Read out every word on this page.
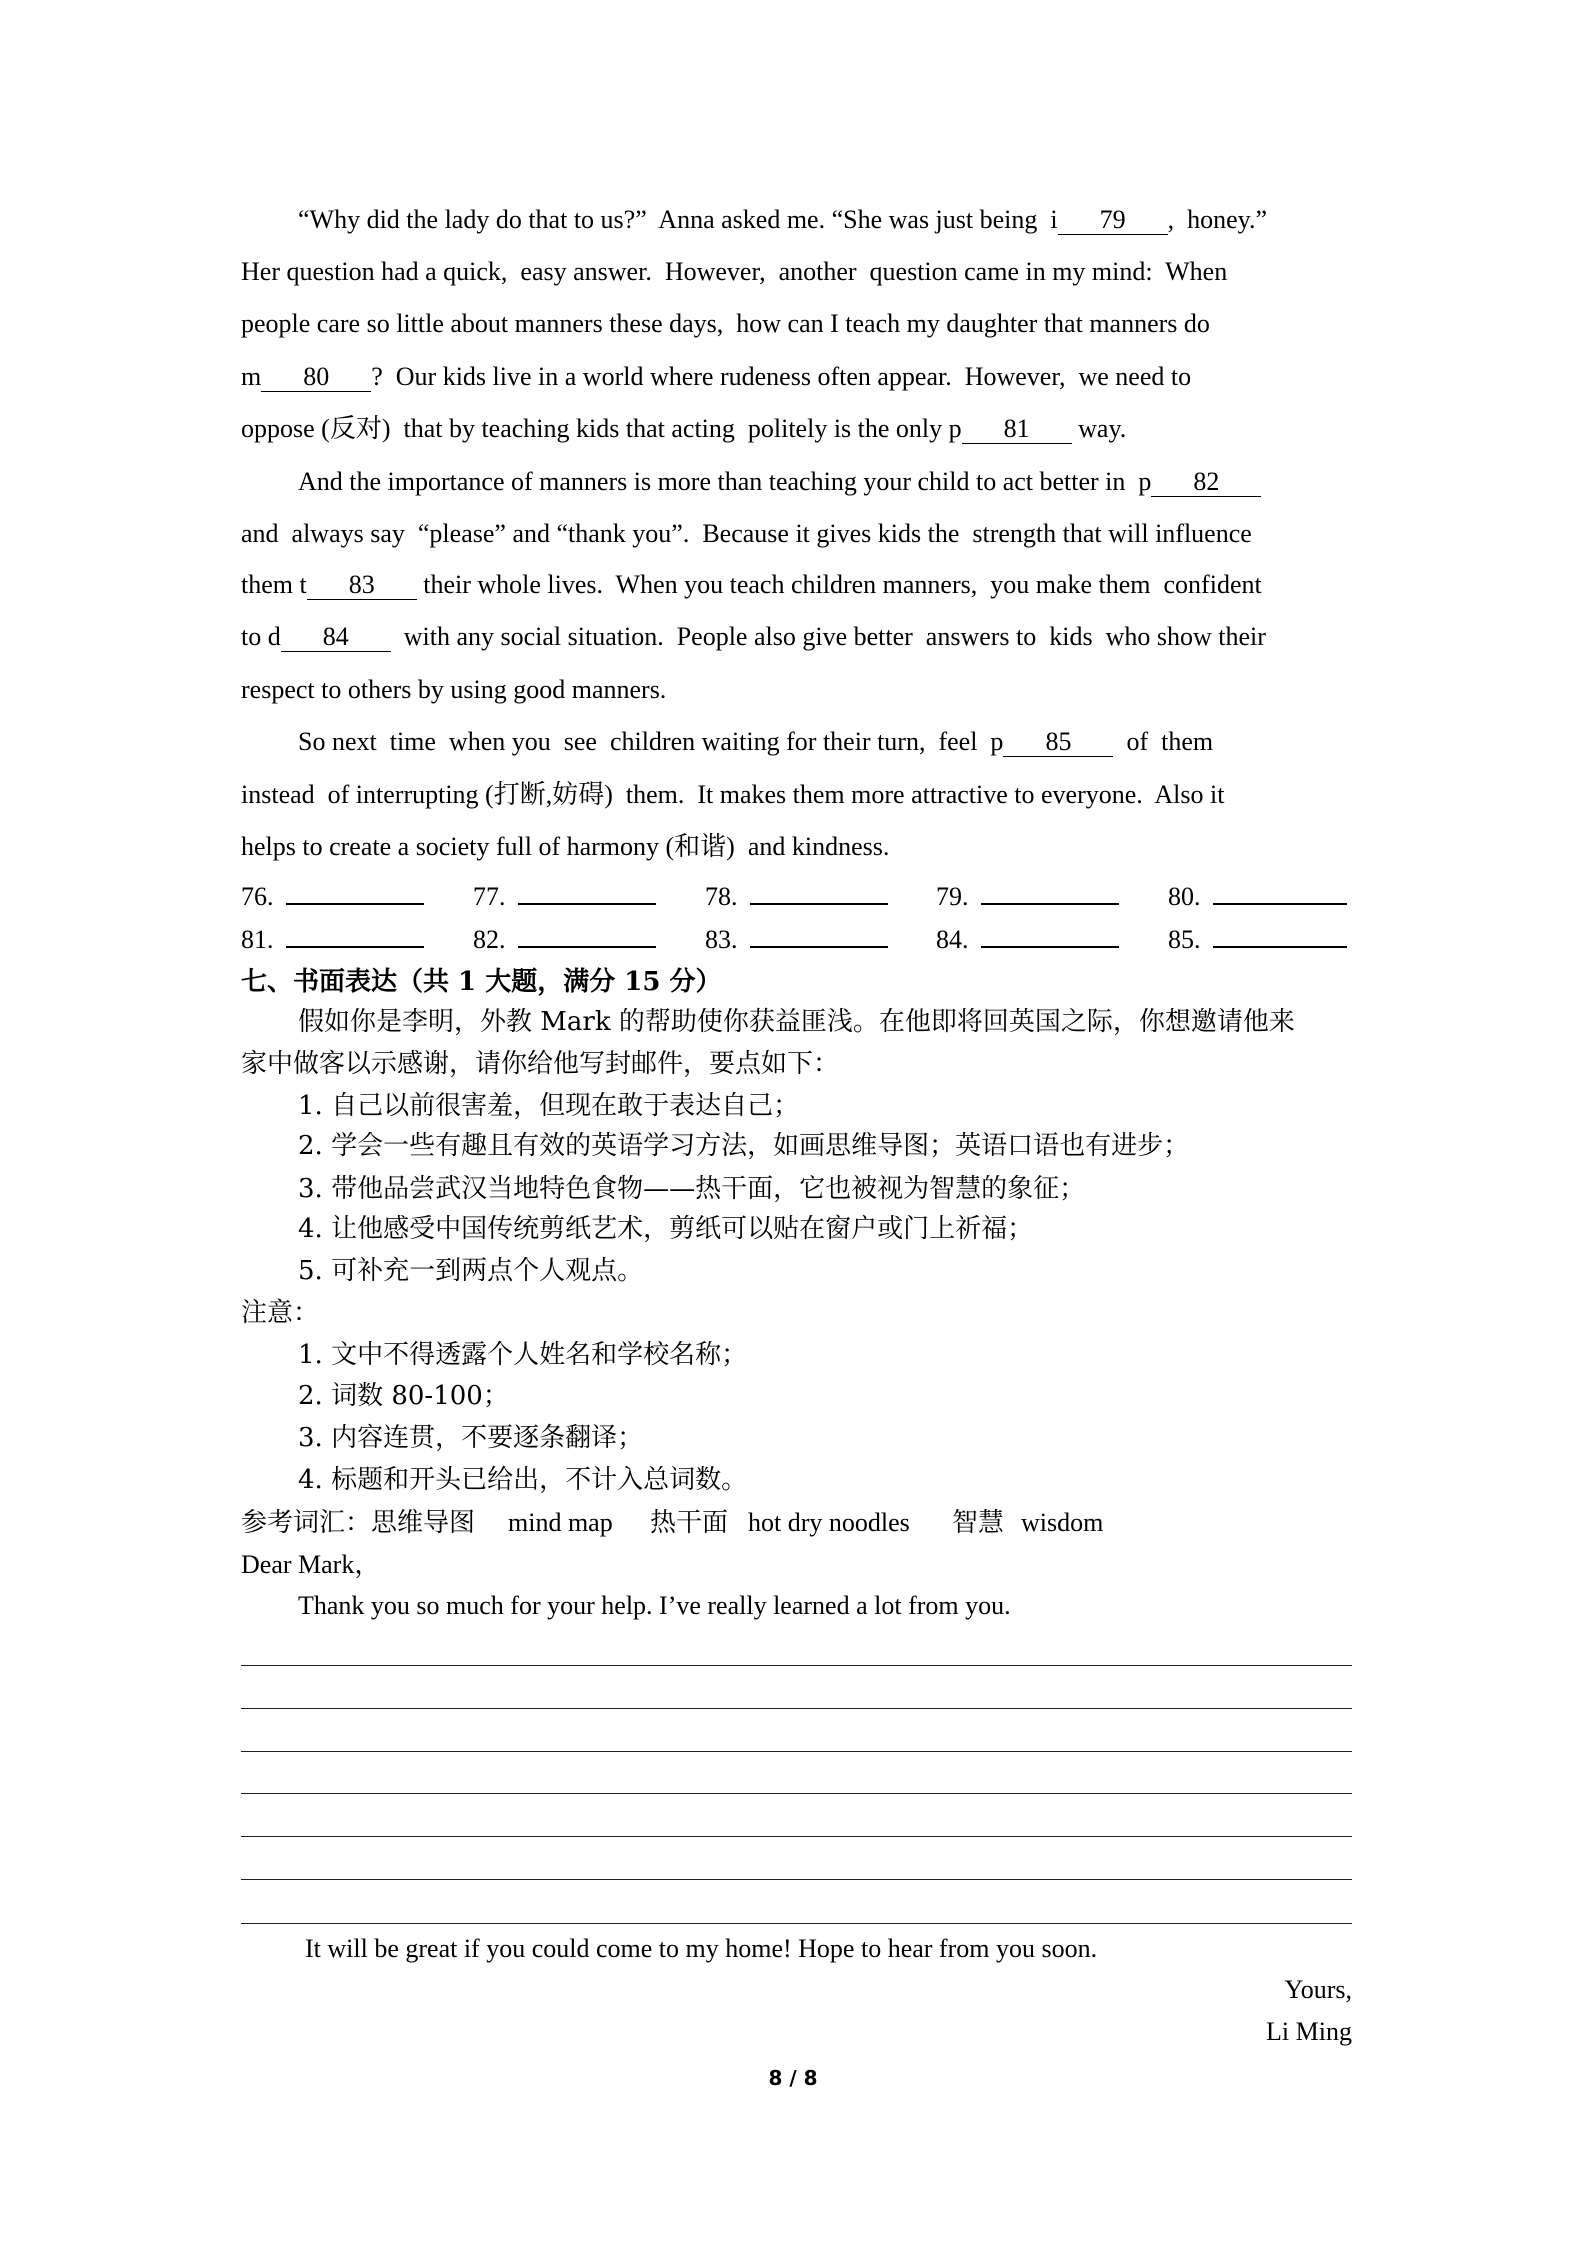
“Why did the lady do that to us?”  Anna asked me. “She was just being  i 79 ,  honey.”
Her question had a quick,  easy answer.  However,  another  question came in my mind:  When
people care so little about manners these days,  how can I teach my daughter that manners do
m 80 ?  Our kids live in a world where rudeness often appear.  However,  we need to
oppose (反对)  that by teaching kids that acting  politely is the only p 81 way.
And the importance of manners is more than teaching your child to act better in  p 82
and  always say  “please” and “thank you”.  Because it gives kids the  strength that will influence
them t 83 their whole lives.  When you teach children manners,  you make them  confident
to d 84  with any social situation.  People also give better  answers to  kids  who show their
respect to others by using good manners.
So next  time  when you  see  children waiting for their turn,  feel  p 85  of  them
instead  of interrupting (打断,妨碍)  them.  It makes them more attractive to everyone.  Also it
helps to create a society full of harmony (和谐)  and kindness.
76.	77.	78.	79.	80.
81.	82.	83.	84.	85.
七、书面表达（共 1 大题，满分 15 分）
假如你是李明，外教 Mark 的帮助使你获益匪浅。在他即将回英国之际，你想邀请他来
家中做客以示感谢，请你给他写封邮件，要点如下：
1. 自己以前很害羞，但现在敢于表达自己；
2. 学会一些有趣且有效的英语学习方法，如画思维导图；英语口语也有进步；
3. 带他品尝武汉当地特色食物——热干面，它也被视为智慧的象征；
4. 让他感受中国传统剪纸艺术，剪纸可以贴在窗户或门上祈福；
5. 可补充一到两点个人观点。
注意：
1. 文中不得透露个人姓名和学校名称；
2. 词数 80-100；
3. 内容连贯，不要逐条翻译；
4. 标题和开头已给出，不计入总词数。
参考词汇：思维导图 mind map 热干面 hot dry noodles 智慧 wisdom
Dear Mark，
Thank you so much for your help. I’ve really learned a lot from you.
It will be great if you could come to my home! Hope to hear from you soon.
Yours,
Li Ming
8 / 8
